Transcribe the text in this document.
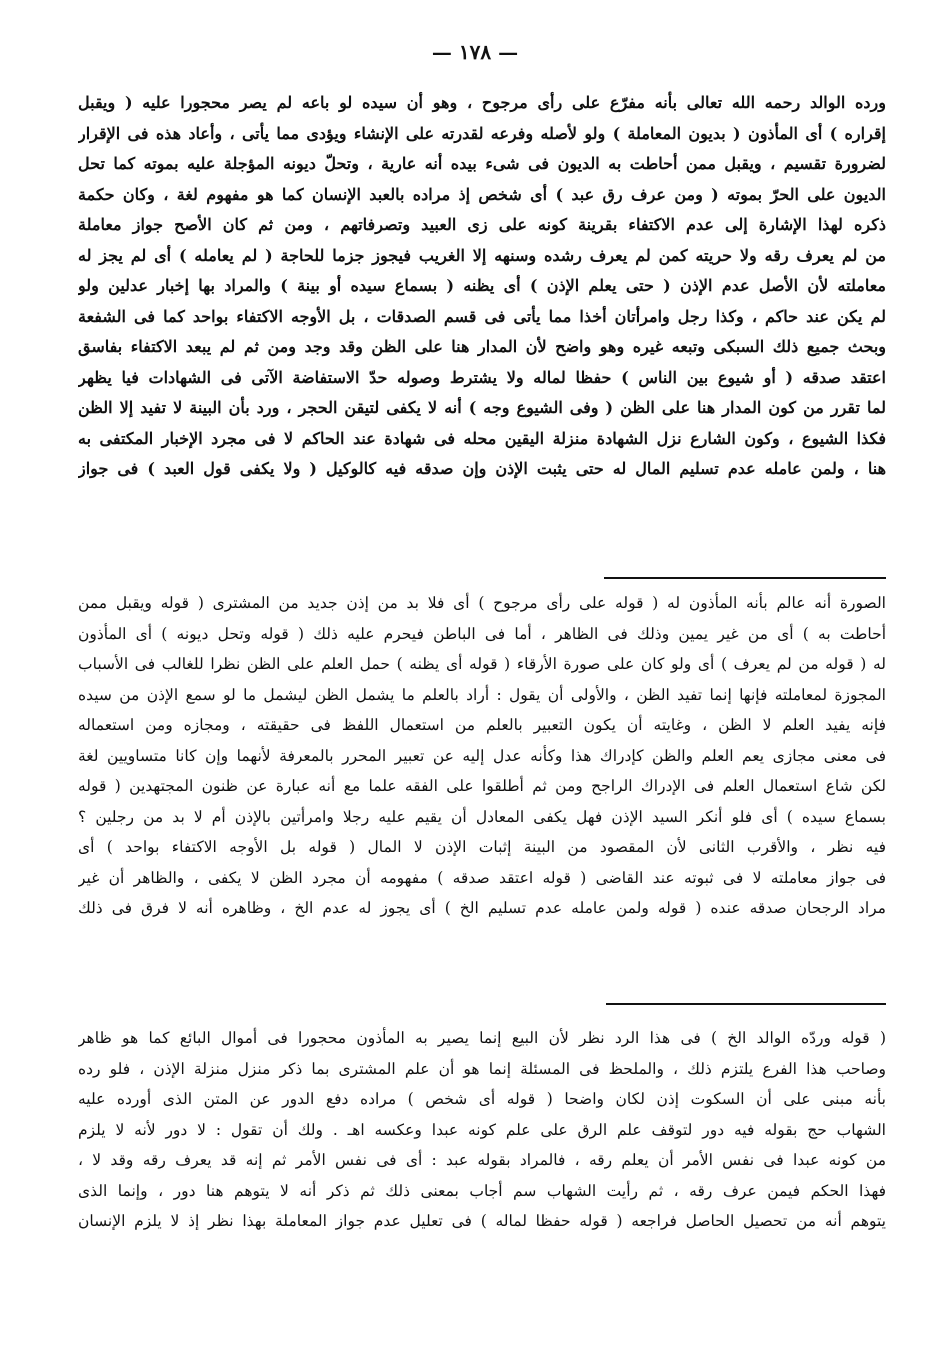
— ١٧٨ —
ورده الوالد رحمه الله تعالى بأنه مفرّع على رأى مرجوح ، وهو أن سيده لو باعه لم يصر محجورا عليه ( ويقبل
إقراره ) أى المأذون ( بديون المعاملة ) ولو لأصله وفرعه لقدرته على الإنشاء ويؤدى مما يأتى ، وأعاد هذه فى الإقرار
لضرورة تقسيم ، ويقبل ممن أحاطت به الديون فى شىء بيده أنه عارية ، وتحلّ ديونه المؤجلة عليه بموته كما تحل
الديون على الحرّ بموته ( ومن عرف رق عبد ) أى شخص إذ مراده بالعبد الإنسان كما هو مفهوم لغة ، وكان حكمة
ذكره لهذا الإشارة إلى عدم الاكتفاء بقرينة كونه على زى العبيد وتصرفاتهم ، ومن ثم كان الأصح جواز معاملة
من لم يعرف رقه ولا حريته كمن لم يعرف رشده وسنهه إلا الغريب فيجوز جزما للحاجة ( لم يعامله ) أى لم يجز له
معاملته لأن الأصل عدم الإذن ( حتى يعلم الإذن ) أى يظنه ( بسماع سيده أو بينة ) والمراد بها إخبار عدلين ولو
لم يكن عند حاكم ، وكذا رجل وامرأتان أخذا مما يأتى فى قسم الصدقات ، بل الأوجه الاكتفاء بواحد كما فى الشفعة
وبحث جميع ذلك السبكى وتبعه غيره وهو واضح لأن المدار هنا على الظن وقد وجد ومن ثم لم يبعد الاكتفاء بفاسق
اعتقد صدقه ( أو شيوع بين الناس ) حفظا لماله ولا يشترط وصوله حدّ الاستفاضة الآتى فى الشهادات فيا يظهر
لما تقرر من كون المدار هنا على الظن ( وفى الشيوع وجه ) أنه لا يكفى لتيقن الحجر ، ورد بأن البينة لا تفيد إلا الظن
فكذا الشيوع ، وكون الشارع نزل الشهادة منزلة اليقين محله فى شهادة عند الحاكم لا فى مجرد الإخبار المكتفى به
هنا ، ولمن عامله عدم تسليم المال له حتى يثبت الإذن وإن صدقه فيه كالوكيل ( ولا يكفى قول العبد ) فى جواز
الصورة أنه عالم بأنه المأذون له ( قوله على رأى مرجوح ) أى فلا بد من إذن جديد من المشترى ( قوله ويقبل ممن
أحاطت به ) أى من غير يمين وذلك فى الظاهر ، أما فى الباطن فيحرم عليه ذلك ( قوله وتحل ديونه ) أى المأذون
له ( قوله من لم يعرف ) أى ولو كان على صورة الأرقاء ( قوله أى يظنه ) حمل العلم على الظن نظرا للغالب فى الأسباب
المجوزة لمعاملته فإنها إنما تفيد الظن ، والأولى أن يقول : أراد بالعلم ما يشمل الظن ليشمل ما لو سمع الإذن من سيده
فإنه يفيد العلم لا الظن ، وغايته أن يكون التعبير بالعلم من استعمال اللفظ فى حقيقته ، ومجازه ومن استعماله
فى معنى مجازى يعم العلم والظن كإدراك هذا وكأنه عدل إليه عن تعبير المحرر بالمعرفة لأنهما وإن كانا متساويين لغة
لكن شاع استعمال العلم فى الإدراك الراجح ومن ثم أطلقوا على الفقه علما مع أنه عبارة عن ظنون المجتهدين ( قوله
بسماع سيده ) أى فلو أنكر السيد الإذن فهل يكفى المعادل أن يقيم عليه رجلا وامرأتين بالإذن أم لا بد من رجلين ؟
فيه نظر ، والأقرب الثانى لأن المقصود من البينة إثبات الإذن لا المال ( قوله بل الأوجه الاكتفاء بواحد ) أى
فى جواز معاملته لا فى ثبوته عند القاضى ( قوله اعتقد صدقه ) مفهومه أن مجرد الظن لا يكفى ، والظاهر أن غير
مراد الرجحان صدقه عنده ( قوله ولمن عامله عدم تسليم الخ ) أى يجوز له عدم الخ ، وظاهره أنه لا فرق فى ذلك
( قوله وردّه الوالد الخ ) فى هذا الرد نظر لأن البيع إنما يصير به المأذون محجورا فى أموال البائع كما هو ظاهر
وصاحب هذا الفرع يلتزم ذلك ، والملحظ فى المسئلة إنما هو أن علم المشترى بما ذكر منزل منزلة الإذن ، فلو رده
بأنه مبنى على أن السكوت إذن لكان واضحا ( قوله أى شخص ) مراده دفع الدور عن المتن الذى أورده عليه
الشهاب حج بقوله فيه دور لتوقف علم الرق على علم كونه عبدا وعكسه اهـ . ولك أن تقول : لا دور لأنه لا يلزم
من كونه عبدا فى نفس الأمر أن يعلم رقه ، فالمراد بقوله عبد : أى فى نفس الأمر ثم إنه قد يعرف رقه وقد لا ،
فهذا الحكم فيمن عرف رقه ، ثم رأيت الشهاب سم أجاب بمعنى ذلك ثم ذكر أنه لا يتوهم هنا دور ، وإنما الذى
يتوهم أنه من تحصيل الحاصل فراجعه ( قوله حفظا لماله ) فى تعليل عدم جواز المعاملة بهذا نظر إذ لا يلزم الإنسان
